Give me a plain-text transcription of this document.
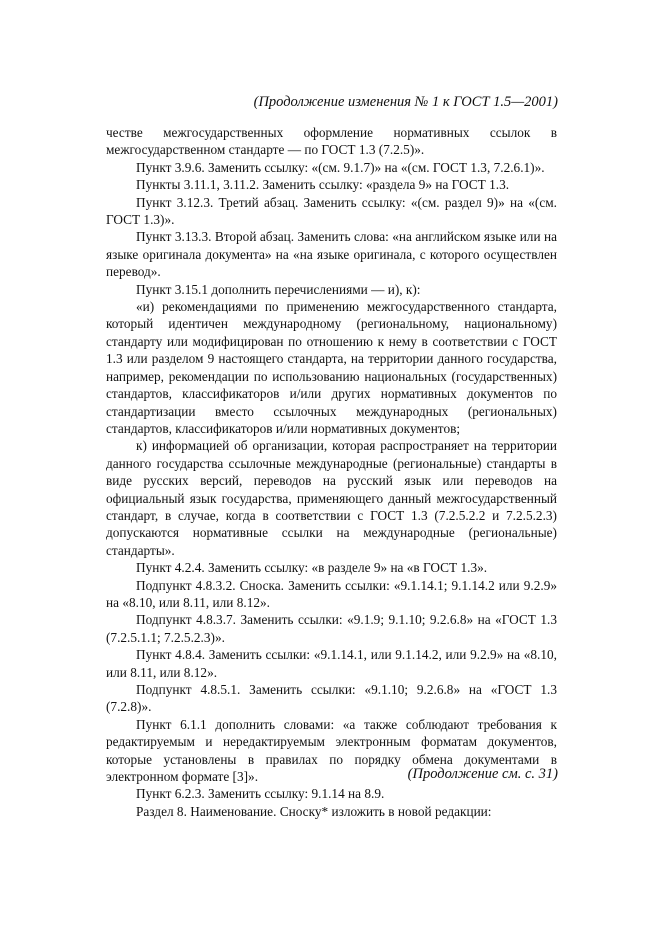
(Продолжение изменения № 1 к ГОСТ 1.5—2001)

честве межгосударственных оформление нормативных ссылок в межгосударственном стандарте — по ГОСТ 1.3 (7.2.5)».

Пункт 3.9.6. Заменить ссылку: «(см. 9.1.7)» на «(см. ГОСТ 1.3, 7.2.6.1)».

Пункты 3.11.1, 3.11.2. Заменить ссылку: «раздела 9» на ГОСТ 1.3.

Пункт 3.12.3. Третий абзац. Заменить ссылку: «(см. раздел 9)» на «(см. ГОСТ 1.3)».

Пункт 3.13.3. Второй абзац. Заменить слова: «на английском языке или на языке оригинала документа» на «на языке оригинала, с которого осуществлен перевод».

Пункт 3.15.1 дополнить перечислениями — и), к):

«и) рекомендациями по применению межгосударственного стандарта, который идентичен международному (региональному, национальному) стандарту или модифицирован по отношению к нему в соответствии с ГОСТ 1.3 или разделом 9 настоящего стандарта, на территории данного государства, например, рекомендации по использованию национальных (государственных) стандартов, классификаторов и/или других нормативных документов по стандартизации вместо ссылочных международных (региональных) стандартов, классификаторов и/или нормативных документов;

к) информацией об организации, которая распространяет на территории данного государства ссылочные международные (региональные) стандарты в виде русских версий, переводов на русский язык или переводов на официальный язык государства, применяющего данный межгосударственный стандарт, в случае, когда в соответствии с ГОСТ 1.3 (7.2.5.2.2 и 7.2.5.2.3) допускаются нормативные ссылки на международные (региональные) стандарты».

Пункт 4.2.4. Заменить ссылку: «в разделе 9» на «в ГОСТ 1.3».

Подпункт 4.8.3.2. Сноска. Заменить ссылки: «9.1.14.1; 9.1.14.2 или 9.2.9» на «8.10, или 8.11, или 8.12».

Подпункт 4.8.3.7. Заменить ссылки: «9.1.9; 9.1.10; 9.2.6.8» на «ГОСТ 1.3 (7.2.5.1.1; 7.2.5.2.3)».

Пункт 4.8.4. Заменить ссылки: «9.1.14.1, или 9.1.14.2, или 9.2.9» на «8.10, или 8.11, или 8.12».

Подпункт 4.8.5.1. Заменить ссылки: «9.1.10; 9.2.6.8» на «ГОСТ 1.3 (7.2.8)».

Пункт 6.1.1 дополнить словами: «а также соблюдают требования к редактируемым и нередактируемым электронным форматам документов, которые установлены в правилах по порядку обмена документами в электронном формате [3]».

Пункт 6.2.3. Заменить ссылку: 9.1.14 на 8.9.

Раздел 8. Наименование. Сноску* изложить в новой редакции:

(Продолжение см. с. 31)
